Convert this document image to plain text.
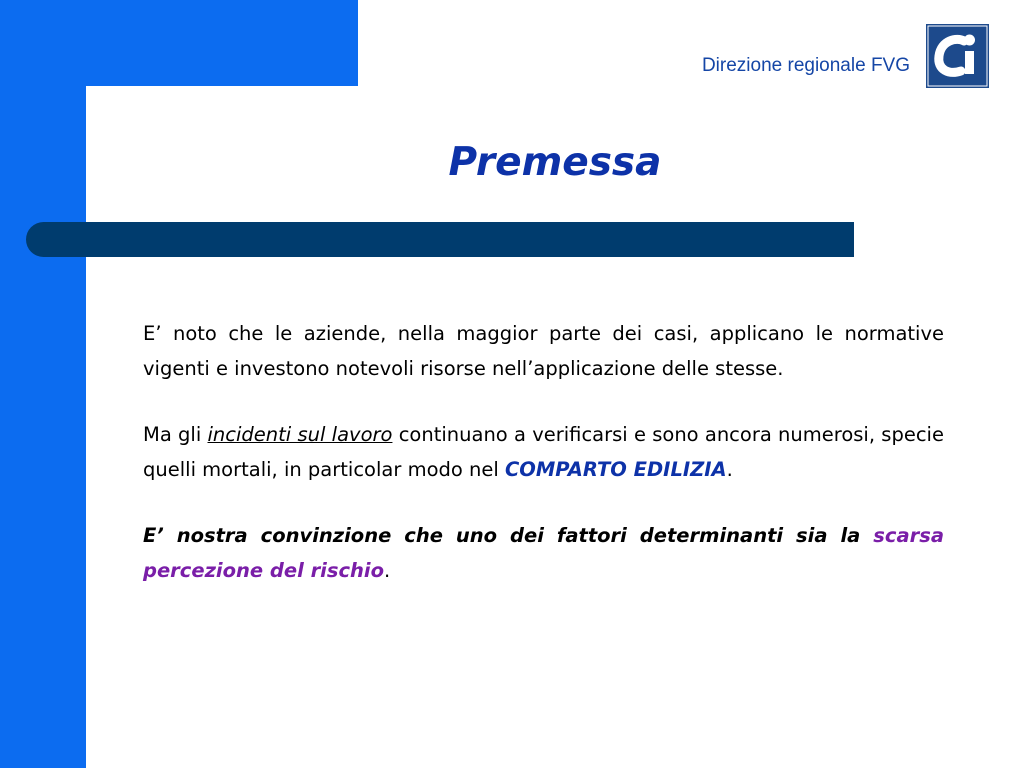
Direzione regionale FVG
Premessa

E’ noto che le aziende, nella maggior parte dei casi, applicano le normative vigenti e investono notevoli risorse nell’applicazione delle stesse.

Ma gli incidenti sul lavoro continuano a verificarsi e sono ancora numerosi, specie quelli mortali, in particolar modo nel COMPARTO EDILIZIA.

E’ nostra convinzione che uno dei fattori determinanti sia la scarsa percezione del rischio.
